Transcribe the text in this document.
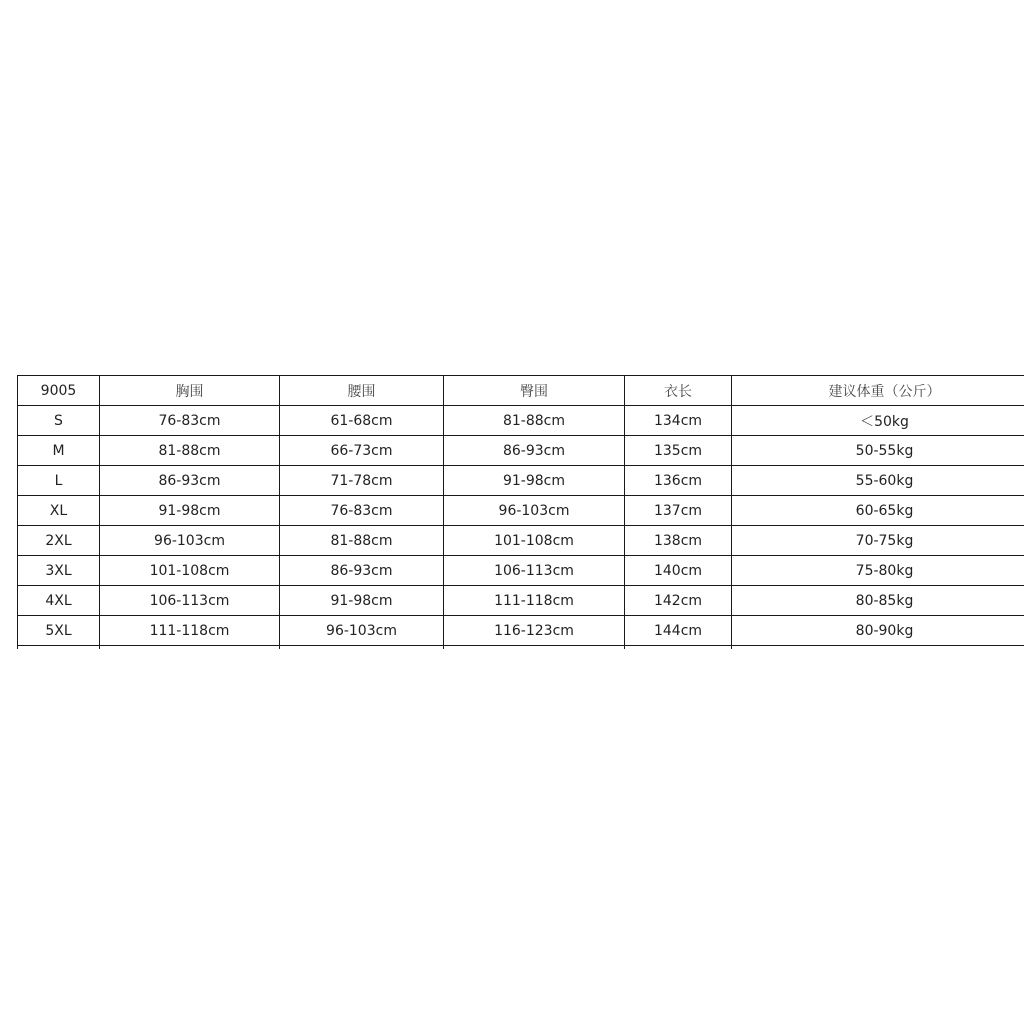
9005	胸围	腰围	臀围	衣长	建议体重（公斤）
S	76-83cm	61-68cm	81-88cm	134cm	＜50kg
M	81-88cm	66-73cm	86-93cm	135cm	50-55kg
L	86-93cm	71-78cm	91-98cm	136cm	55-60kg
XL	91-98cm	76-83cm	96-103cm	137cm	60-65kg
2XL	96-103cm	81-88cm	101-108cm	138cm	70-75kg
3XL	101-108cm	86-93cm	106-113cm	140cm	75-80kg
4XL	106-113cm	91-98cm	111-118cm	142cm	80-85kg
5XL	111-118cm	96-103cm	116-123cm	144cm	80-90kg
